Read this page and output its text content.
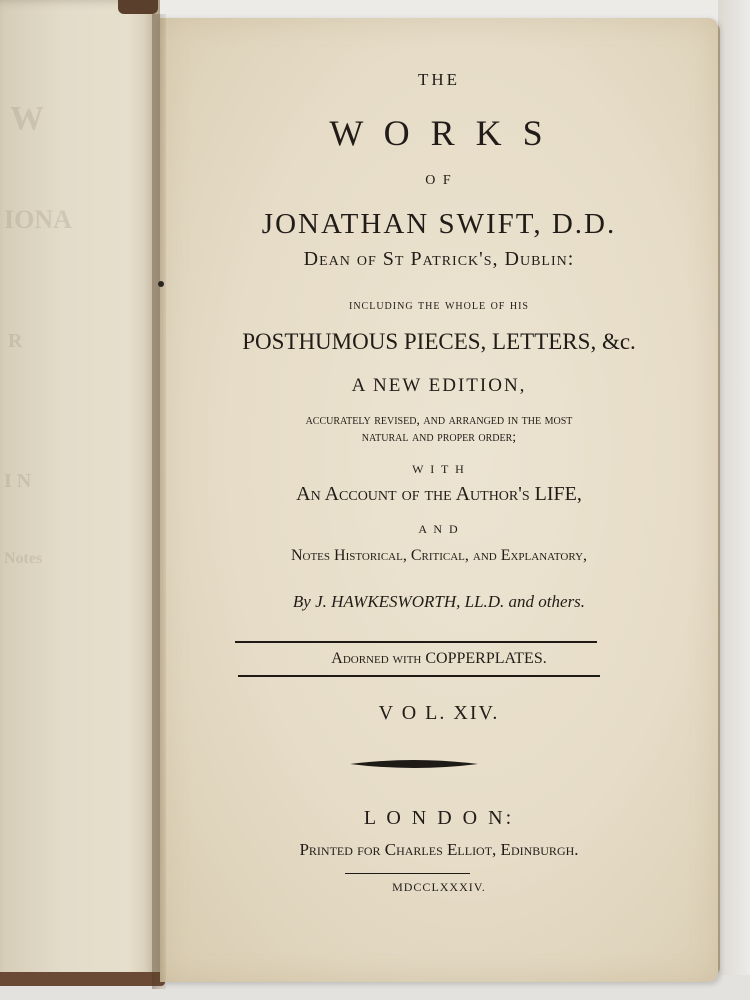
W
IONA
R
I N
Notes
THE
W O R K S
O F
JONATHAN SWIFT, D.D.
Dean of St Patrick's, Dublin:
including the whole of his
POSTHUMOUS PIECES, LETTERS, &c.
A NEW EDITION,
accurately revised, and arranged in the most
natural and proper order;
W I T H
An Account of the Author's LIFE,
A N D
Notes Historical, Critical, and Explanatory,
By J. HAWKESWORTH, LL.D. and others.
Adorned with COPPERPLATES.
V O L. XIV.
L O N D O N:
Printed for Charles Elliot, Edinburgh.
MDCCLXXXIV.
